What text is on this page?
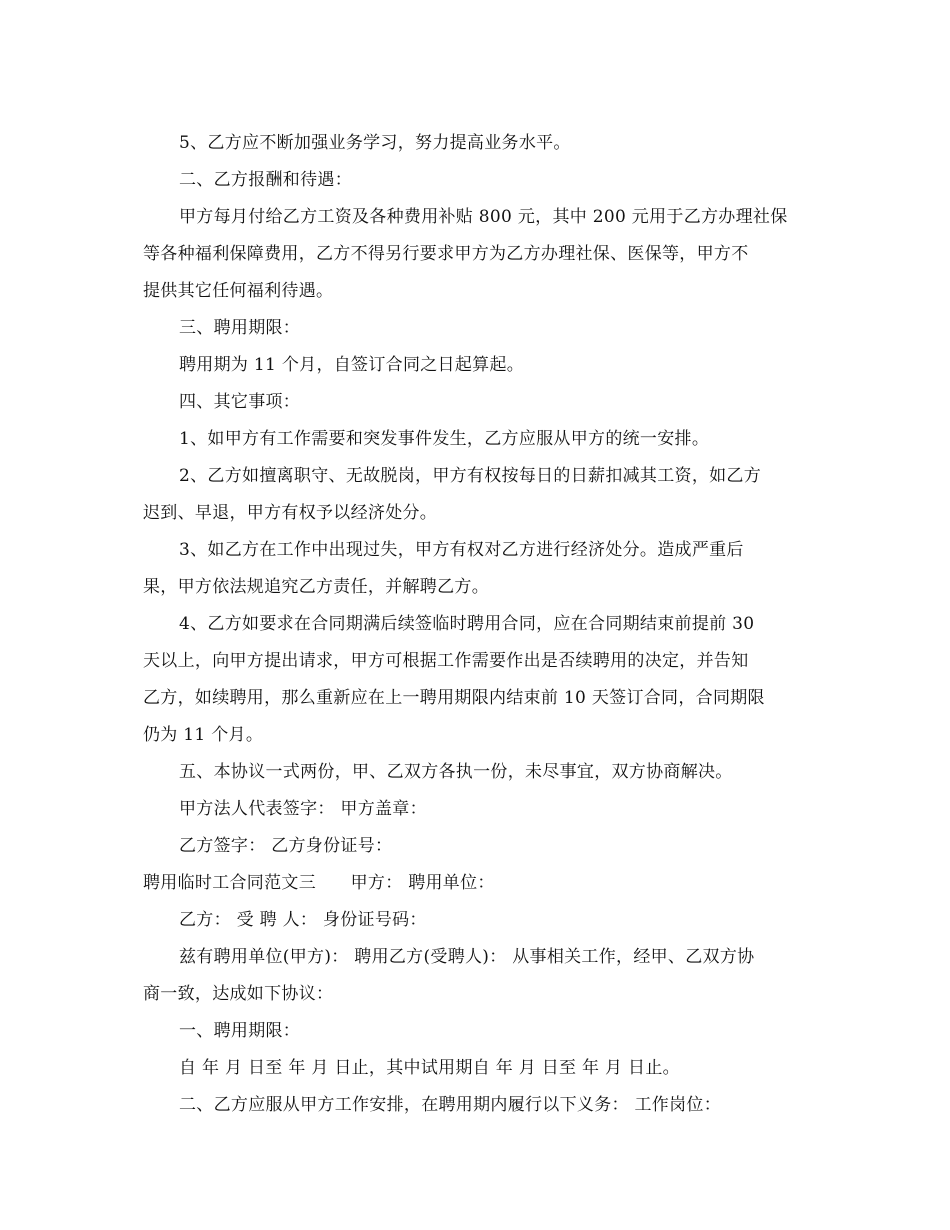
5、乙方应不断加强业务学习，努力提高业务水平。
二、乙方报酬和待遇：
甲方每月付给乙方工资及各种费用补贴 800 元，其中 200 元用于乙方办理社保
等各种福利保障费用，乙方不得另行要求甲方为乙方办理社保、医保等，甲方不
提供其它任何福利待遇。
三、聘用期限：
聘用期为 11 个月，自签订合同之日起算起。
四、其它事项：
1、如甲方有工作需要和突发事件发生，乙方应服从甲方的统一安排。
2、乙方如擅离职守、无故脱岗，甲方有权按每日的日薪扣减其工资，如乙方
迟到、早退，甲方有权予以经济处分。
3、如乙方在工作中出现过失，甲方有权对乙方进行经济处分。造成严重后
果，甲方依法规追究乙方责任，并解聘乙方。
4、乙方如要求在合同期满后续签临时聘用合同，应在合同期结束前提前 30
天以上，向甲方提出请求，甲方可根据工作需要作出是否续聘用的决定，并告知
乙方，如续聘用，那么重新应在上一聘用期限内结束前 10 天签订合同，合同期限
仍为 11 个月。
五、本协议一式两份，甲、乙双方各执一份，未尽事宜，双方协商解决。
甲方法人代表签字： 甲方盖章：
乙方签字： 乙方身份证号：
聘用临时工合同范文三　　甲方： 聘用单位：
乙方： 受 聘 人： 身份证号码：
兹有聘用单位(甲方)： 聘用乙方(受聘人)： 从事相关工作，经甲、乙双方协
商一致，达成如下协议：
一、聘用期限：
自 年 月 日至 年 月 日止，其中试用期自 年 月 日至 年 月 日止。
二、乙方应服从甲方工作安排，在聘用期内履行以下义务： 工作岗位：
